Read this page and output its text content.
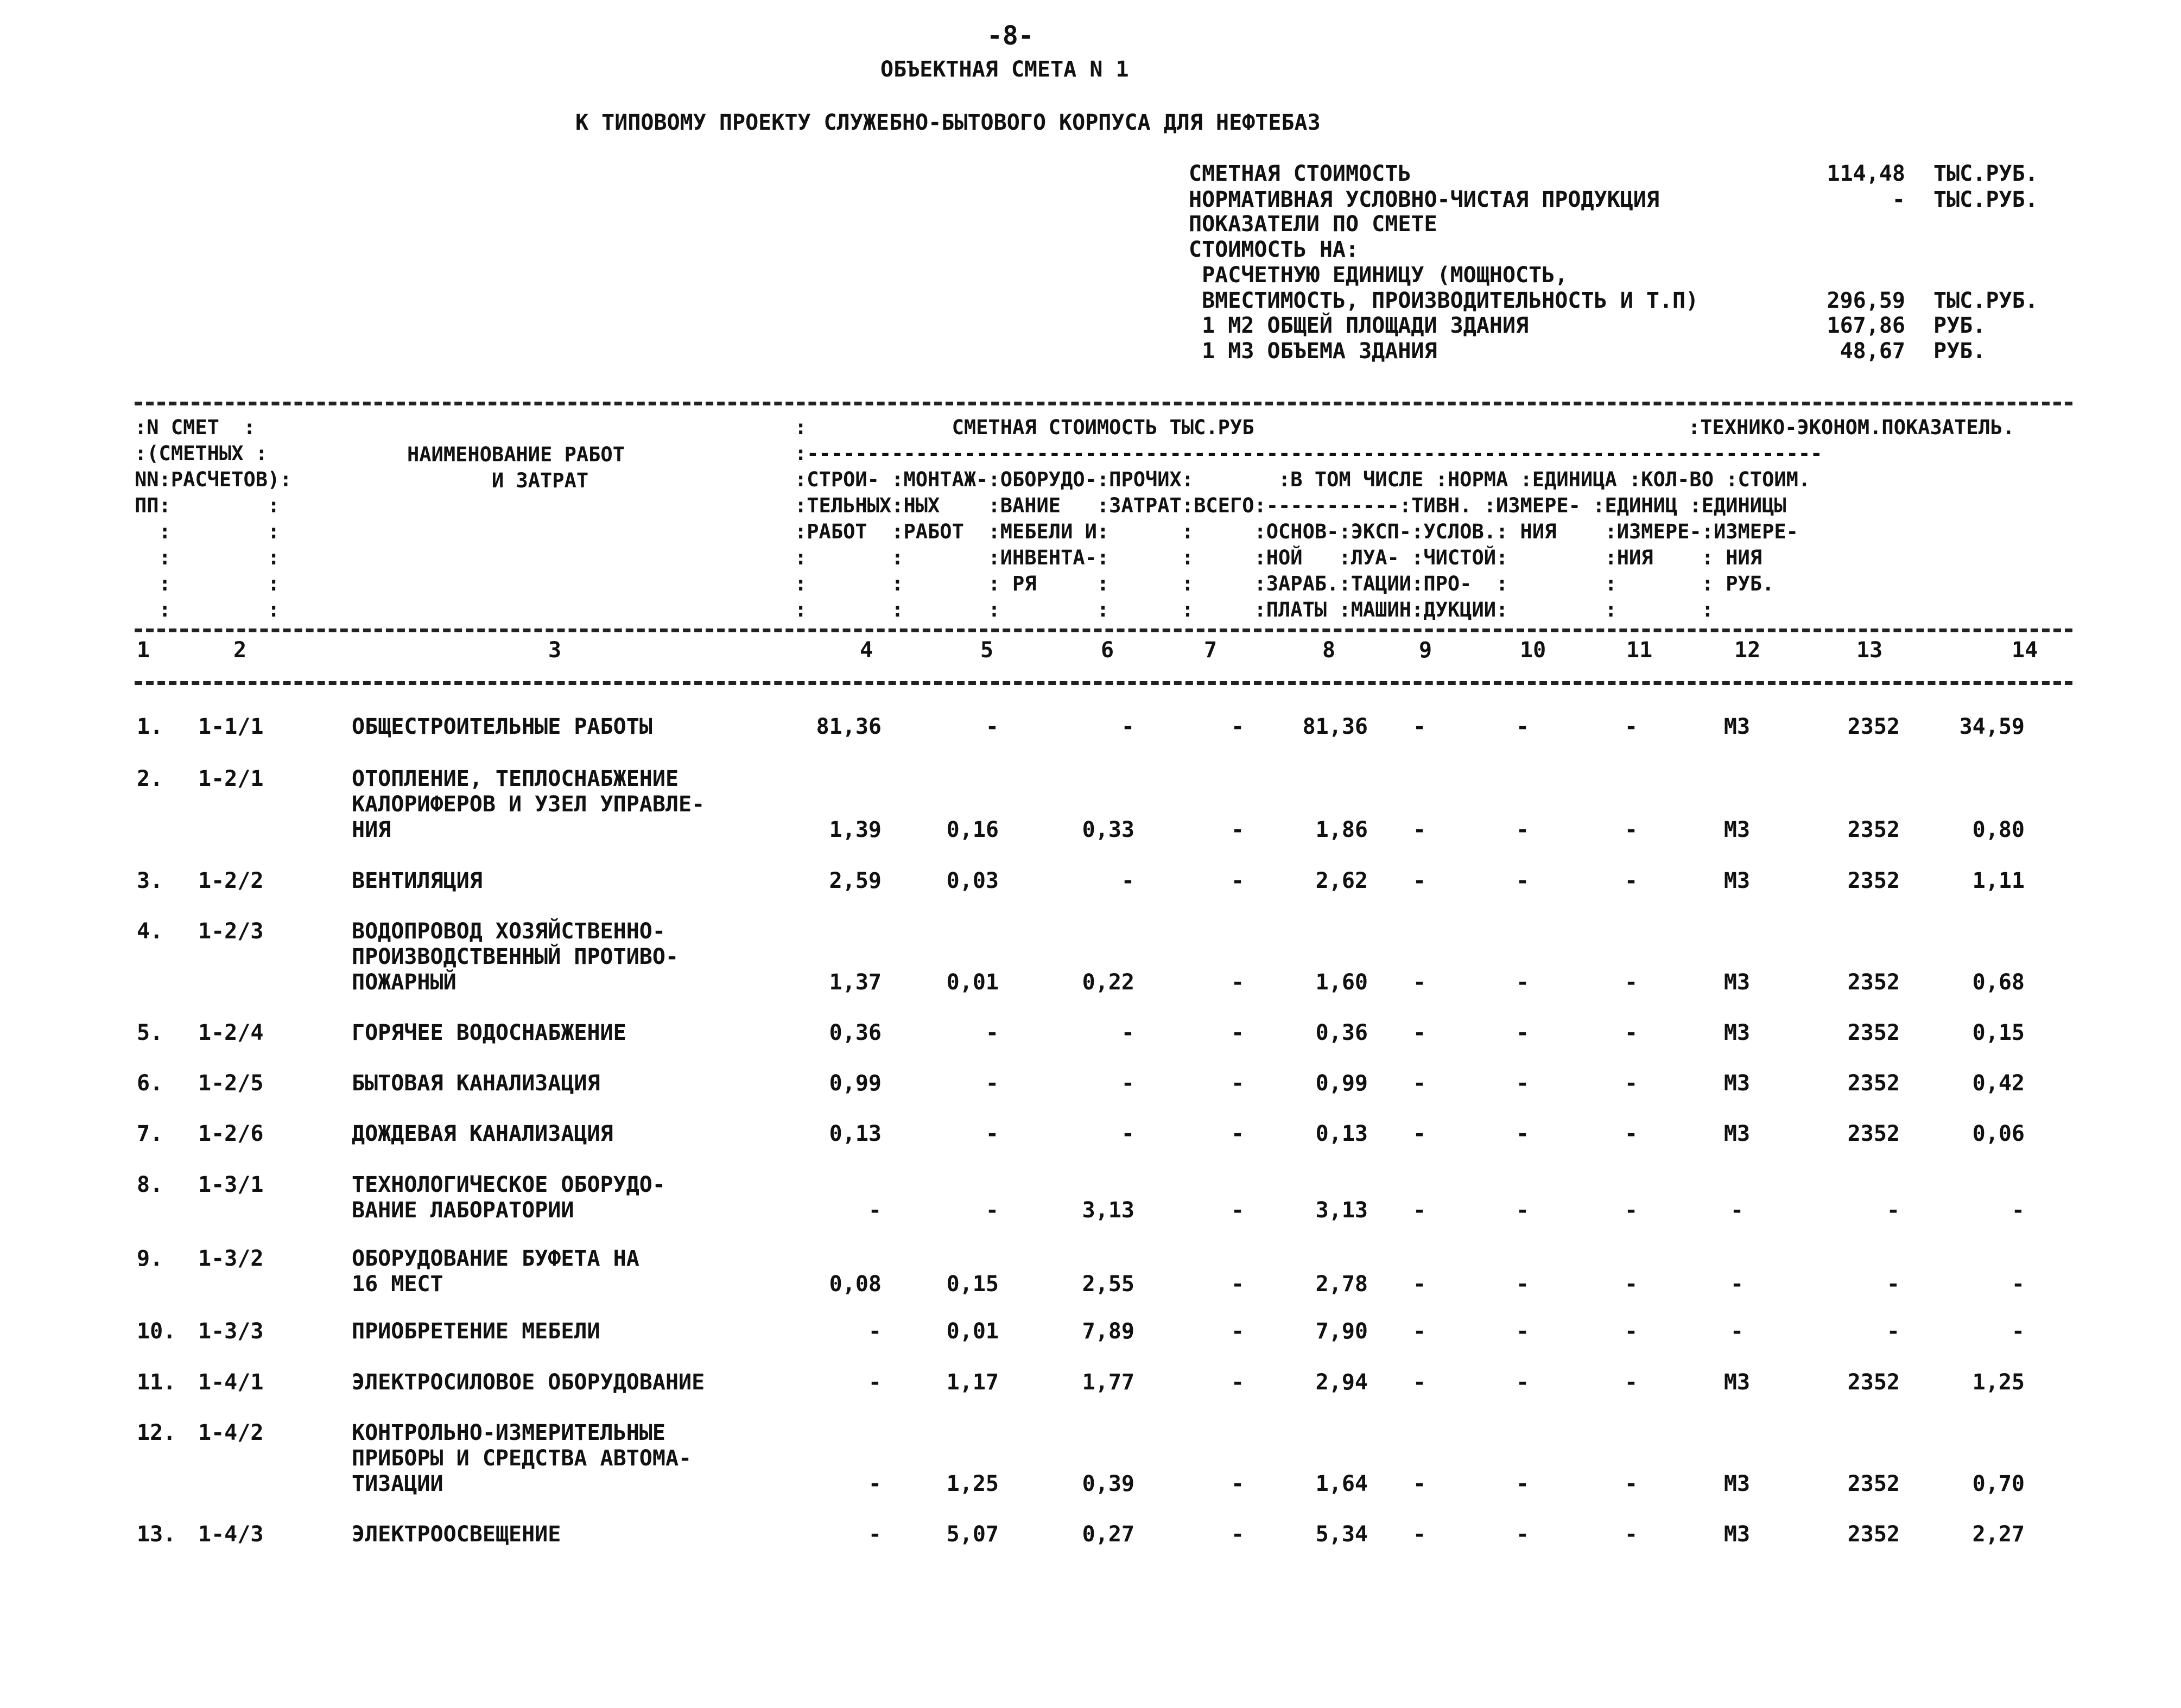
-8-
ОБЪЕКТНАЯ СМЕТА N 1
К ТИПОВОМУ ПРОЕКТУ СЛУЖЕБНО-БЫТОВОГО КОРПУСА ДЛЯ НЕФТЕБАЗ
СМЕТНАЯ СТОИМОСТЬ	114,48 ТЫС.РУБ.
НОРМАТИВНАЯ УСЛОВНО-ЧИСТАЯ ПРОДУКЦИЯ	- ТЫС.РУБ.
ПОКАЗАТЕЛИ ПО СМЕТЕ
СТОИМОСТЬ НА:
РАСЧЕТНУЮ ЕДИНИЦУ (МОЩНОСТЬ,
ВМЕСТИМОСТЬ, ПРОИЗВОДИТЕЛЬНОСТЬ И Т.П)	296,59 ТЫС.РУБ.
1 М2 ОБЩЕЙ ПЛОЩАДИ ЗДАНИЯ	167,86 РУБ.
1 М3 ОБЪЕМА ЗДАНИЯ	48,67 РУБ.
:N СМЕТ  :
:(СМЕТНЫХ :
NN:РАСЧЕТОВ):
ПП:        :
:        :
:        :
:        :
:        :
НАИМЕНОВАНИЕ РАБОТ
И ЗАТРАТ
:            СМЕТНАЯ СТОИМОСТЬ ТЫС.РУБ	:ТЕХНИКО-ЭКОНОМ.ПОКАЗАТЕЛЬ.
:------------------------------------------------------------------------------------
:СТРОИ- :МОНТАЖ-:ОБОРУДО-:ПРОЧИХ:       :В ТОМ ЧИСЛЕ :НОРМА :ЕДИНИЦА :КОЛ-ВО :СТОИМ.
:ТЕЛЬНЫХ:НЫХ    :ВАНИЕ   :ЗАТРАТ:ВСЕГО:-----------:ТИВН. :ИЗМЕРЕ- :ЕДИНИЦ :ЕДИНИЦЫ
:РАБОТ  :РАБОТ  :МЕБЕЛИ И:      :     :ОСНОВ-:ЭКСП-:УСЛОВ.: НИЯ    :ИЗМЕРЕ-:ИЗМЕРЕ-
:       :       :ИНВЕНТА-:      :     :НОЙ   :ЛУА- :ЧИСТОЙ:        :НИЯ    : НИЯ
:       :       : РЯ     :      :     :ЗАРАБ.:ТАЦИИ:ПРО-  :        :       : РУБ.
:       :       :        :      :     :ПЛАТЫ :МАШИН:ДУКЦИИ:        :       :
1	2	3	4	5	6	7	8	9	10	11	12	13	14
1.	1-1/1	ОБЩЕСТРОИТЕЛЬНЫЕ РАБОТЫ	81,36	-	-	-	81,36	-	-	-	М3	2352	34,59
2.	1-2/1	ОТОПЛЕНИЕ, ТЕПЛОСНАБЖЕНИЕ
КАЛОРИФЕРОВ И УЗЕЛ УПРАВЛЕ-
НИЯ	1,39	0,16	0,33	-	1,86	-	-	-	М3	2352	0,80
3.	1-2/2	ВЕНТИЛЯЦИЯ	2,59	0,03	-	-	2,62	-	-	-	М3	2352	1,11
4.	1-2/3	ВОДОПРОВОД ХОЗЯЙСТВЕННО-
ПРОИЗВОДСТВЕННЫЙ ПРОТИВО-
ПОЖАРНЫЙ	1,37	0,01	0,22	-	1,60	-	-	-	М3	2352	0,68
5.	1-2/4	ГОРЯЧЕЕ ВОДОСНАБЖЕНИЕ	0,36	-	-	-	0,36	-	-	-	М3	2352	0,15
6.	1-2/5	БЫТОВАЯ КАНАЛИЗАЦИЯ	0,99	-	-	-	0,99	-	-	-	М3	2352	0,42
7.	1-2/6	ДОЖДЕВАЯ КАНАЛИЗАЦИЯ	0,13	-	-	-	0,13	-	-	-	М3	2352	0,06
8.	1-3/1	ТЕХНОЛОГИЧЕСКОЕ ОБОРУДО-
ВАНИЕ ЛАБОРАТОРИИ	-	-	3,13	-	3,13	-	-	-	-	-	-
9.	1-3/2	ОБОРУДОВАНИЕ БУФЕТА НА
16 МЕСТ	0,08	0,15	2,55	-	2,78	-	-	-	-	-	-
10.	1-3/3	ПРИОБРЕТЕНИЕ МЕБЕЛИ	-	0,01	7,89	-	7,90	-	-	-	-	-	-
11.	1-4/1	ЭЛЕКТРОСИЛОВОЕ ОБОРУДОВАНИЕ	-	1,17	1,77	-	2,94	-	-	-	М3	2352	1,25
12.	1-4/2	КОНТРОЛЬНО-ИЗМЕРИТЕЛЬНЫЕ
ПРИБОРЫ И СРЕДСТВА АВТОМА-
ТИЗАЦИИ	-	1,25	0,39	-	1,64	-	-	-	М3	2352	0,70
13.	1-4/3	ЭЛЕКТРООСВЕЩЕНИЕ	-	5,07	0,27	-	5,34	-	-	-	М3	2352	2,27
